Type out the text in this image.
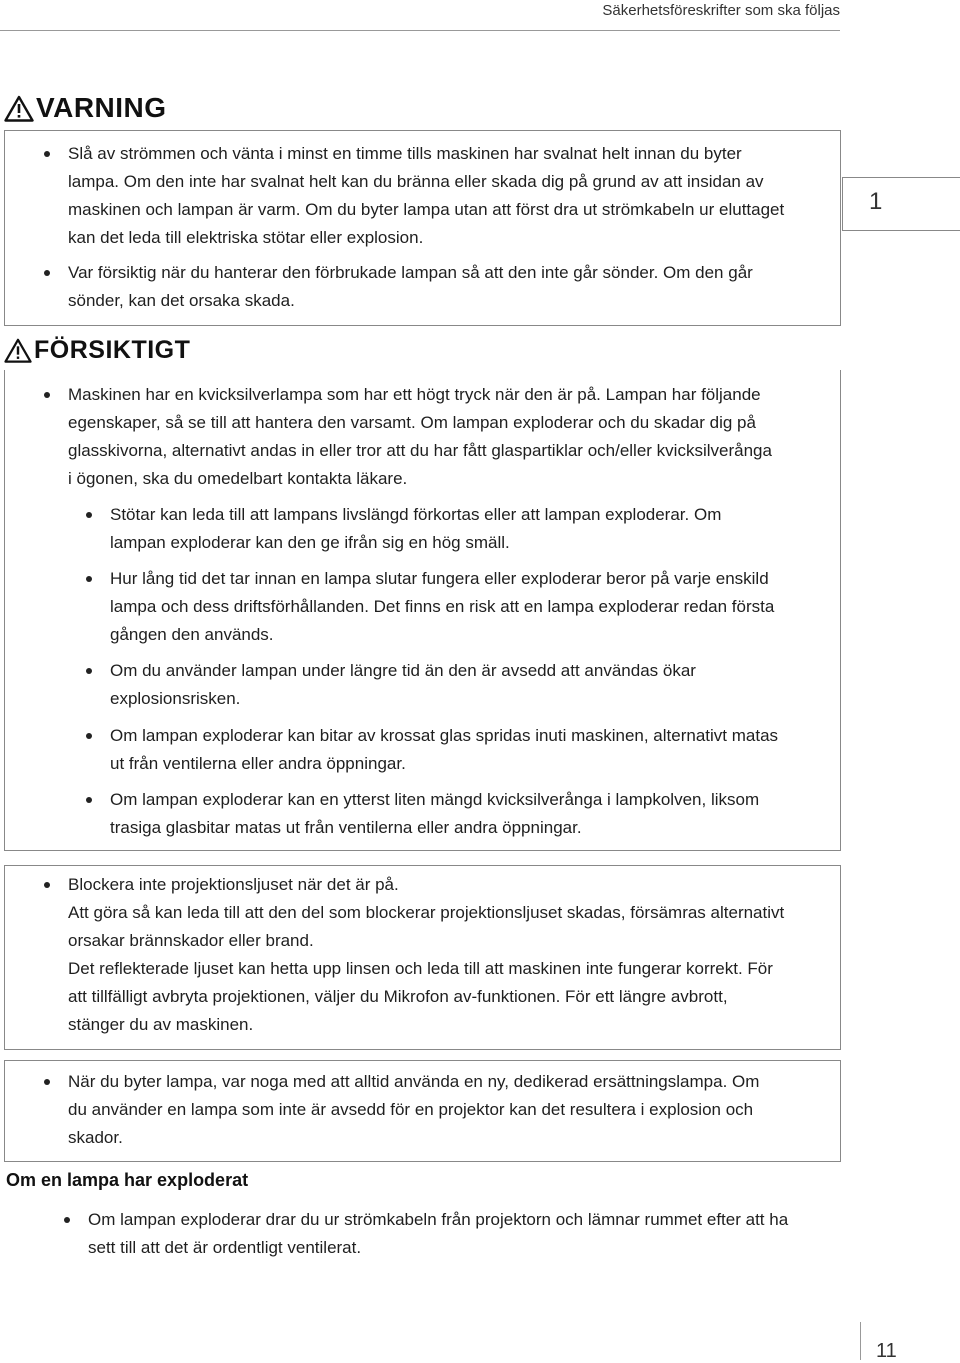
Säkerhetsföreskrifter som ska följas
1
VARNING
Slå av strömmen och vänta i minst en timme tills maskinen har svalnat helt innan du byter
lampa. Om den inte har svalnat helt kan du bränna eller skada dig på grund av att insidan av
maskinen och lampan är varm. Om du byter lampa utan att först dra ut strömkabeln ur eluttaget
kan det leda till elektriska stötar eller explosion.
Var försiktig när du hanterar den förbrukade lampan så att den inte går sönder. Om den går
sönder, kan det orsaka skada.
FÖRSIKTIGT
Maskinen har en kvicksilverlampa som har ett högt tryck när den är på. Lampan har följande
egenskaper, så se till att hantera den varsamt. Om lampan exploderar och du skadar dig på
glasskivorna, alternativt andas in eller tror att du har fått glaspartiklar och/eller kvicksilverånga
i ögonen, ska du omedelbart kontakta läkare.
Stötar kan leda till att lampans livslängd förkortas eller att lampan exploderar. Om
lampan exploderar kan den ge ifrån sig en hög smäll.
Hur lång tid det tar innan en lampa slutar fungera eller exploderar beror på varje enskild
lampa och dess driftsförhållanden. Det finns en risk att en lampa exploderar redan första
gången den används.
Om du använder lampan under längre tid än den är avsedd att användas ökar
explosionsrisken.
Om lampan exploderar kan bitar av krossat glas spridas inuti maskinen, alternativt matas
ut från ventilerna eller andra öppningar.
Om lampan exploderar kan en ytterst liten mängd kvicksilverånga i lampkolven, liksom
trasiga glasbitar matas ut från ventilerna eller andra öppningar.
Blockera inte projektionsljuset när det är på.
Att göra så kan leda till att den del som blockerar projektionsljuset skadas, försämras alternativt
orsakar brännskador eller brand.
Det reflekterade ljuset kan hetta upp linsen och leda till att maskinen inte fungerar korrekt. För
att tillfälligt avbryta projektionen, väljer du Mikrofon av-funktionen. För ett längre avbrott,
stänger du av maskinen.
När du byter lampa, var noga med att alltid använda en ny, dedikerad ersättningslampa. Om
du använder en lampa som inte är avsedd för en projektor kan det resultera i explosion och
skador.
Om en lampa har exploderat
Om lampan exploderar drar du ur strömkabeln från projektorn och lämnar rummet efter att ha
sett till att det är ordentligt ventilerat.
11
